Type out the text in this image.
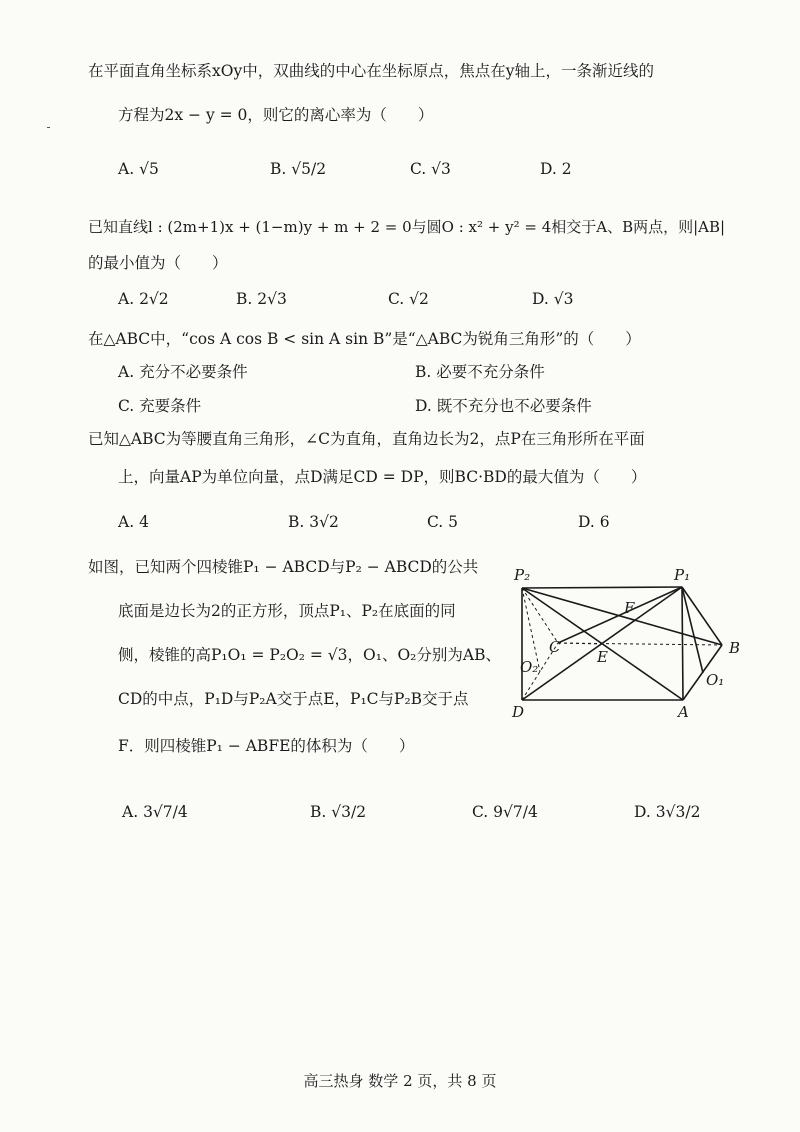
在平面直角坐标系xOy中，双曲线的中心在坐标原点，焦点在y轴上，一条渐近线的
方程为2x − y = 0，则它的离心率为（　　）
A. √5	B. √5/2	C. √3	D. 2
已知直线l : (2m+1)x + (1−m)y + m + 2 = 0与圆O : x² + y² = 4相交于A、B两点，则|AB|
的最小值为（　　）
A. 2√2	B. 2√3	C. √2	D. √3
在△ABC中，“cos A cos B < sin A sin B”是“△ABC为锐角三角形”的（　　）
A. 充分不必要条件	B. 必要不充分条件
C. 充要条件	D. 既不充分也不必要条件
已知△ABC为等腰直角三角形，∠C为直角，直角边长为2，点P在三角形所在平面
上，向量AP为单位向量，点D满足CD = DP，则BC·BD的最大值为（　　）
A. 4	B. 3√2	C. 5	D. 6
如图，已知两个四棱锥P₁ − ABCD与P₂ − ABCD的公共
底面是边长为2的正方形，顶点P₁、P₂在底面的同
侧，棱锥的高P₁O₁ = P₂O₂ = √3，O₁、O₂分别为AB、
CD的中点，P₁D与P₂A交于点E，P₁C与P₂B交于点
F．则四棱锥P₁ − ABFE的体积为（　　）
A. 3√7/4	B. √3/2	C. 9√7/4	D. 3√3/2
P₂	P₁
F
C
E	B
O₂
O₁
D	A
高三热身 数学 2 页，共 8 页
